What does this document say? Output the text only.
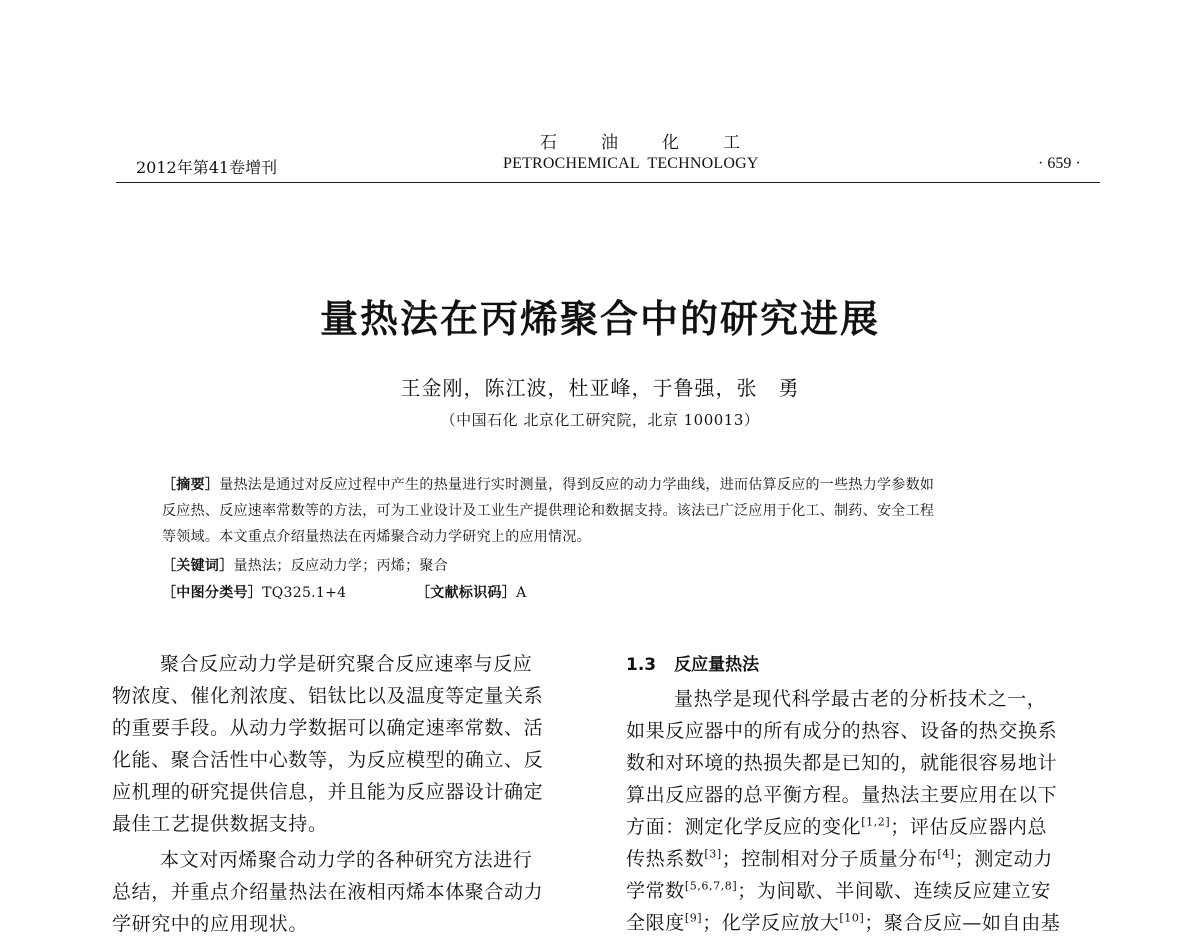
石	油	化	工
2012年第41卷增刊	PETROCHEMICAL  TECHNOLOGY	· 659 ·
量热法在丙烯聚合中的研究进展
王金刚，陈江波，杜亚峰，于鲁强，张　勇
（中国石化 北京化工研究院，北京 100013）
［摘要］量热法是通过对反应过程中产生的热量进行实时测量，得到反应的动力学曲线，进而估算反应的一些热力学参数如
反应热、反应速率常数等的方法，可为工业设计及工业生产提供理论和数据支持。该法已广泛应用于化工、制药、安全工程
等领域。本文重点介绍量热法在丙烯聚合动力学研究上的应用情况。
［关键词］量热法；反应动力学；丙烯；聚合
［中图分类号］TQ325.1+4	［文献标识码］A
聚合反应动力学是研究聚合反应速率与反应
物浓度、催化剂浓度、铝钛比以及温度等定量关系
的重要手段。从动力学数据可以确定速率常数、活
化能、聚合活性中心数等，为反应模型的确立、反
应机理的研究提供信息，并且能为反应器设计确定
最佳工艺提供数据支持。
本文对丙烯聚合动力学的各种研究方法进行
总结，并重点介绍量热法在液相丙烯本体聚合动力
学研究中的应用现状。
1.3 反应量热法
量热学是现代科学最古老的分析技术之一，
如果反应器中的所有成分的热容、设备的热交换系
数和对环境的热损失都是已知的，就能很容易地计
算出反应器的总平衡方程。量热法主要应用在以下
方面：测定化学反应的变化[1,2]；评估反应器内总
传热系数[3]；控制相对分子质量分布[4]；测定动力
学常数[5,6,7,8]；为间歇、半间歇、连续反应建立安
全限度[9]；化学反应放大[10]；聚合反应—如自由基
